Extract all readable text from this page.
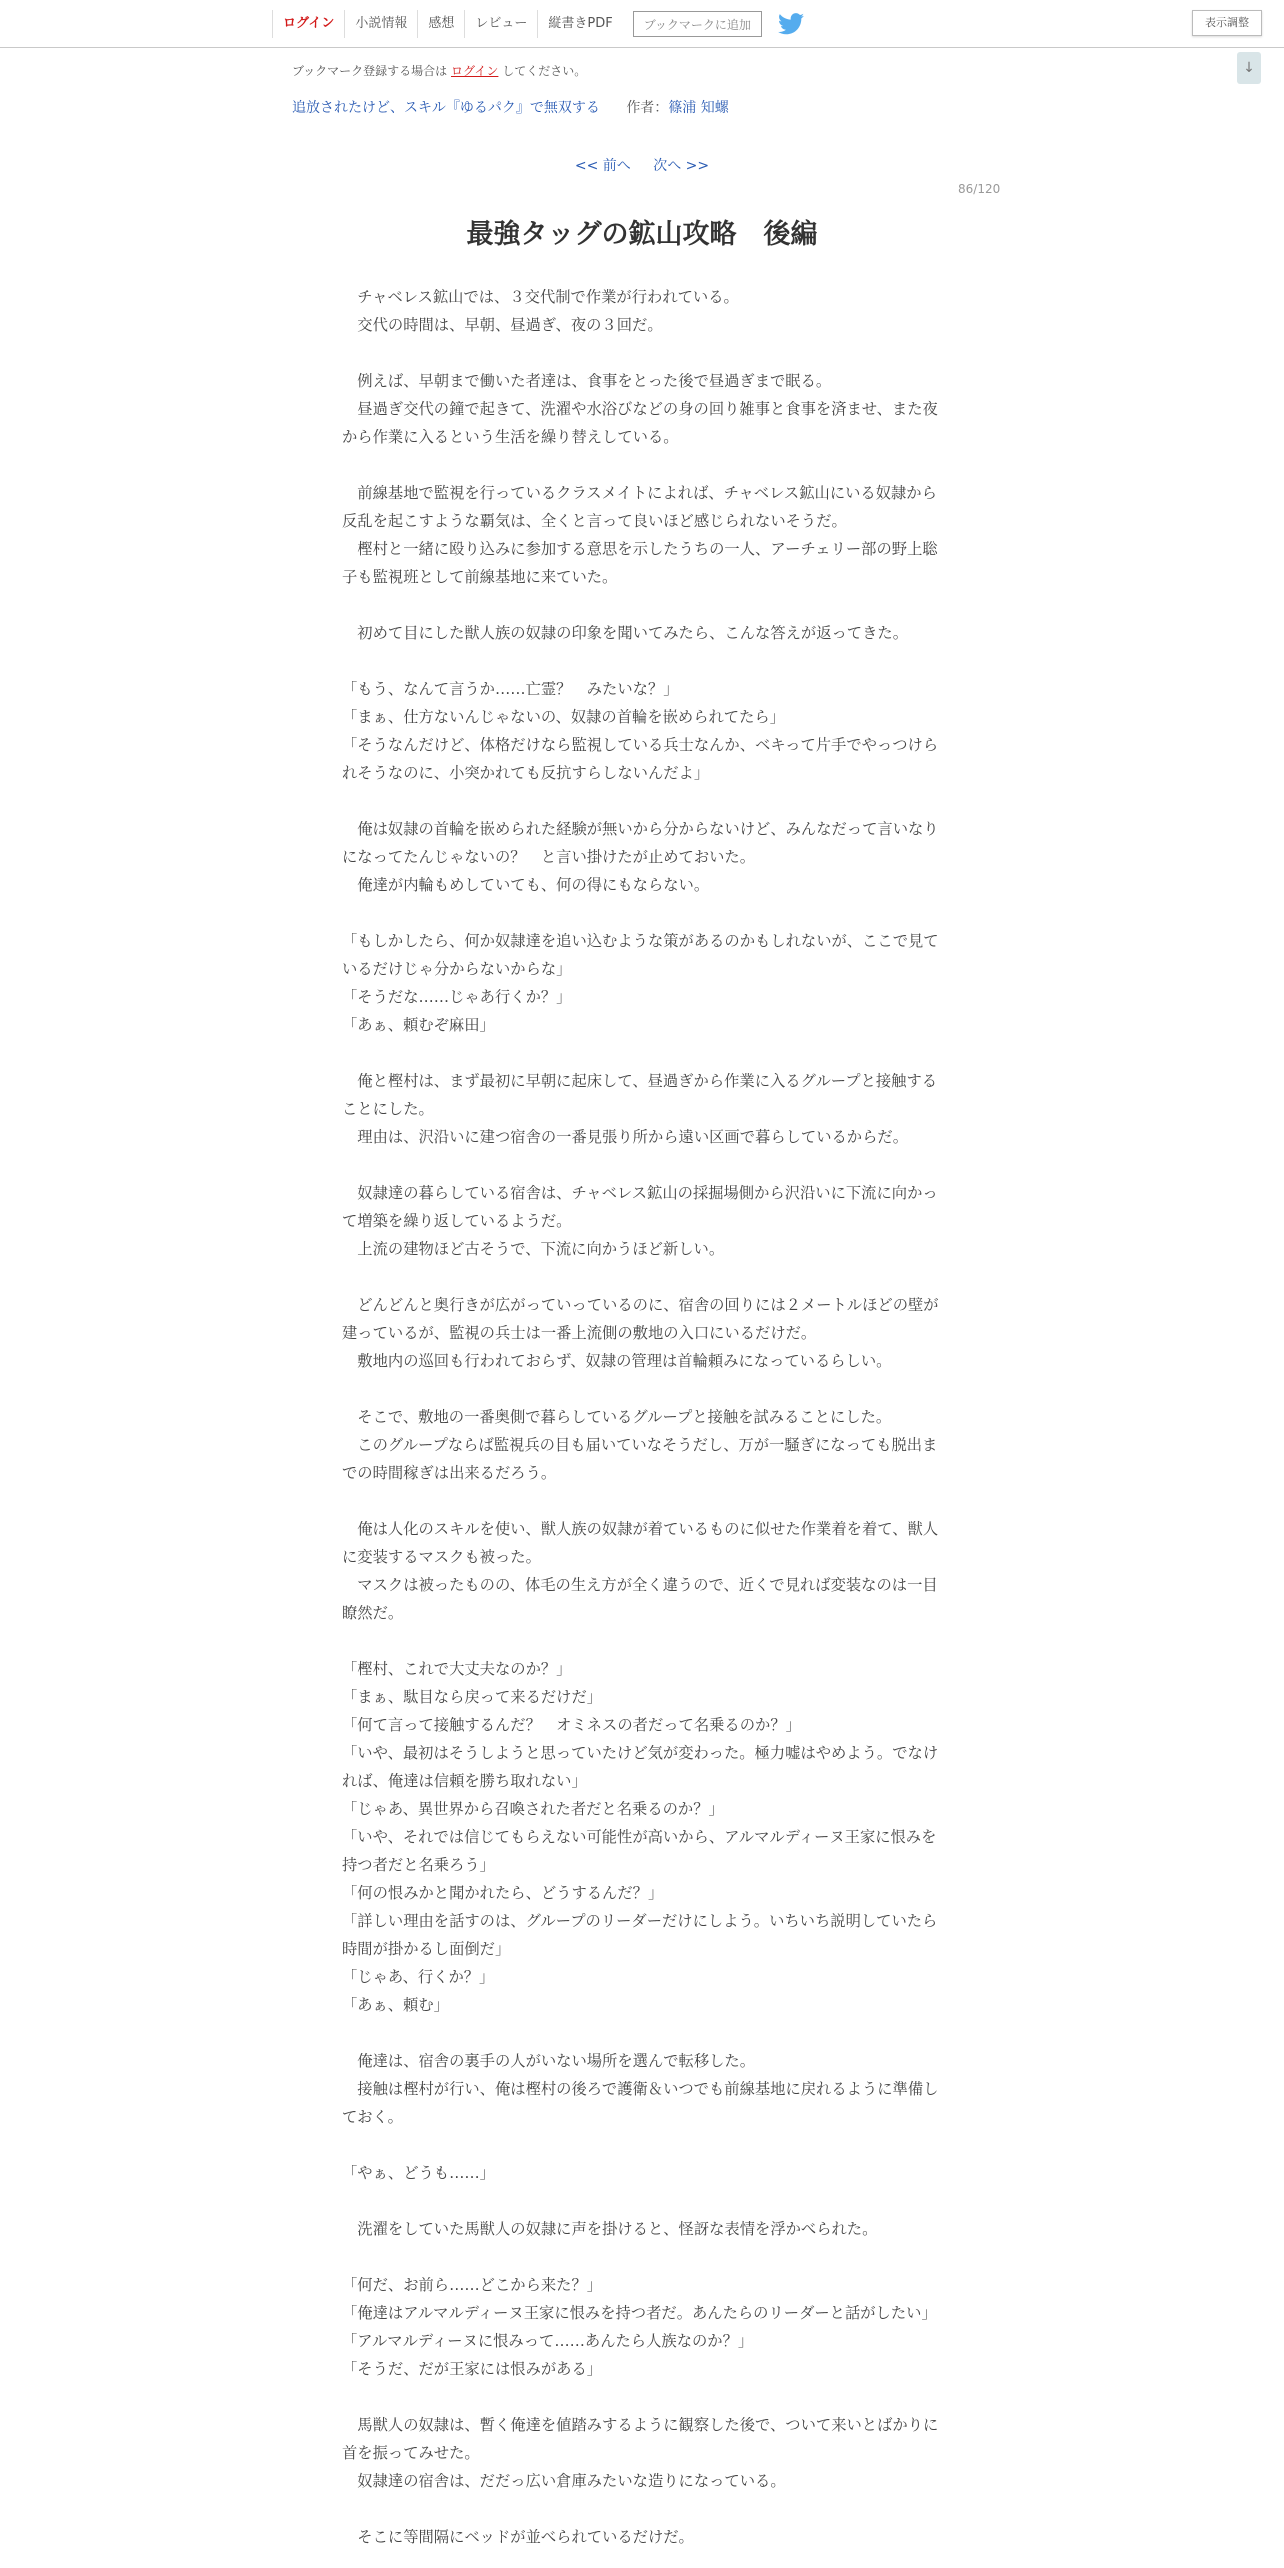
ログイン	小説情報	感想	レビュー	縦書きPDF	ブックマークに追加	表示調整
↓
ブックマーク登録する場合は ログイン してください。
追放されたけど、スキル『ゆるパク』で無双する 作者：篠浦 知螺
<< 前へ 次へ >>
86/120
最強タッグの鉱山攻略　後編

　チャベレス鉱山では、３交代制で作業が行われている。

　交代の時間は、早朝、昼過ぎ、夜の３回だ。

　例えば、早朝まで働いた者達は、食事をとった後で昼過ぎまで眠る。

　昼過ぎ交代の鐘で起きて、洗濯や水浴びなどの身の回り雑事と食事を済ませ、また夜から作業に入るという生活を繰り替えしている。

　前線基地で監視を行っているクラスメイトによれば、チャベレス鉱山にいる奴隷から反乱を起こすような覇気は、全くと言って良いほど感じられないそうだ。

　樫村と一緒に殴り込みに参加する意思を示したうちの一人、アーチェリー部の野上聡子も監視班として前線基地に来ていた。

　初めて目にした獣人族の奴隷の印象を聞いてみたら、こんな答えが返ってきた。

「もう、なんて言うか……亡霊？　みたいな？」

「まぁ、仕方ないんじゃないの、奴隷の首輪を嵌められてたら」

「そうなんだけど、体格だけなら監視している兵士なんか、ベキって片手でやっつけられそうなのに、小突かれても反抗すらしないんだよ」

　俺は奴隷の首輪を嵌められた経験が無いから分からないけど、みんなだって言いなりになってたんじゃないの？　と言い掛けたが止めておいた。

　俺達が内輪もめしていても、何の得にもならない。

「もしかしたら、何か奴隷達を追い込むような策があるのかもしれないが、ここで見ているだけじゃ分からないからな」

「そうだな……じゃあ行くか？」

「あぁ、頼むぞ麻田」

　俺と樫村は、まず最初に早朝に起床して、昼過ぎから作業に入るグループと接触することにした。

　理由は、沢沿いに建つ宿舎の一番見張り所から遠い区画で暮らしているからだ。

　奴隷達の暮らしている宿舎は、チャベレス鉱山の採掘場側から沢沿いに下流に向かって増築を繰り返しているようだ。

　上流の建物ほど古そうで、下流に向かうほど新しい。

　どんどんと奥行きが広がっていっているのに、宿舎の回りには２メートルほどの壁が建っているが、監視の兵士は一番上流側の敷地の入口にいるだけだ。

　敷地内の巡回も行われておらず、奴隷の管理は首輪頼みになっているらしい。

　そこで、敷地の一番奥側で暮らしているグループと接触を試みることにした。

　このグループならば監視兵の目も届いていなそうだし、万が一騒ぎになっても脱出までの時間稼ぎは出来るだろう。

　俺は人化のスキルを使い、獣人族の奴隷が着ているものに似せた作業着を着て、獣人に変装するマスクも被った。

　マスクは被ったものの、体毛の生え方が全く違うので、近くで見れば変装なのは一目瞭然だ。

「樫村、これで大丈夫なのか？」

「まぁ、駄目なら戻って来るだけだ」

「何て言って接触するんだ？　オミネスの者だって名乗るのか？」

「いや、最初はそうしようと思っていたけど気が変わった。極力嘘はやめよう。でなければ、俺達は信頼を勝ち取れない」

「じゃあ、異世界から召喚された者だと名乗るのか？」

「いや、それでは信じてもらえない可能性が高いから、アルマルディーヌ王家に恨みを持つ者だと名乗ろう」

「何の恨みかと聞かれたら、どうするんだ？」

「詳しい理由を話すのは、グループのリーダーだけにしよう。いちいち説明していたら時間が掛かるし面倒だ」

「じゃあ、行くか？」

「あぁ、頼む」

　俺達は、宿舎の裏手の人がいない場所を選んで転移した。

　接触は樫村が行い、俺は樫村の後ろで護衛＆いつでも前線基地に戻れるように準備しておく。

「やぁ、どうも……」

　洗濯をしていた馬獣人の奴隷に声を掛けると、怪訝な表情を浮かべられた。

「何だ、お前ら……どこから来た？」

「俺達はアルマルディーヌ王家に恨みを持つ者だ。あんたらのリーダーと話がしたい」

「アルマルディーヌに恨みって……あんたら人族なのか？」

「そうだ、だが王家には恨みがある」

　馬獣人の奴隷は、暫く俺達を値踏みするように観察した後で、ついて来いとばかりに首を振ってみせた。

　奴隷達の宿舎は、だだっ広い倉庫みたいな造りになっている。

　そこに等間隔にベッドが並べられているだけだ。
